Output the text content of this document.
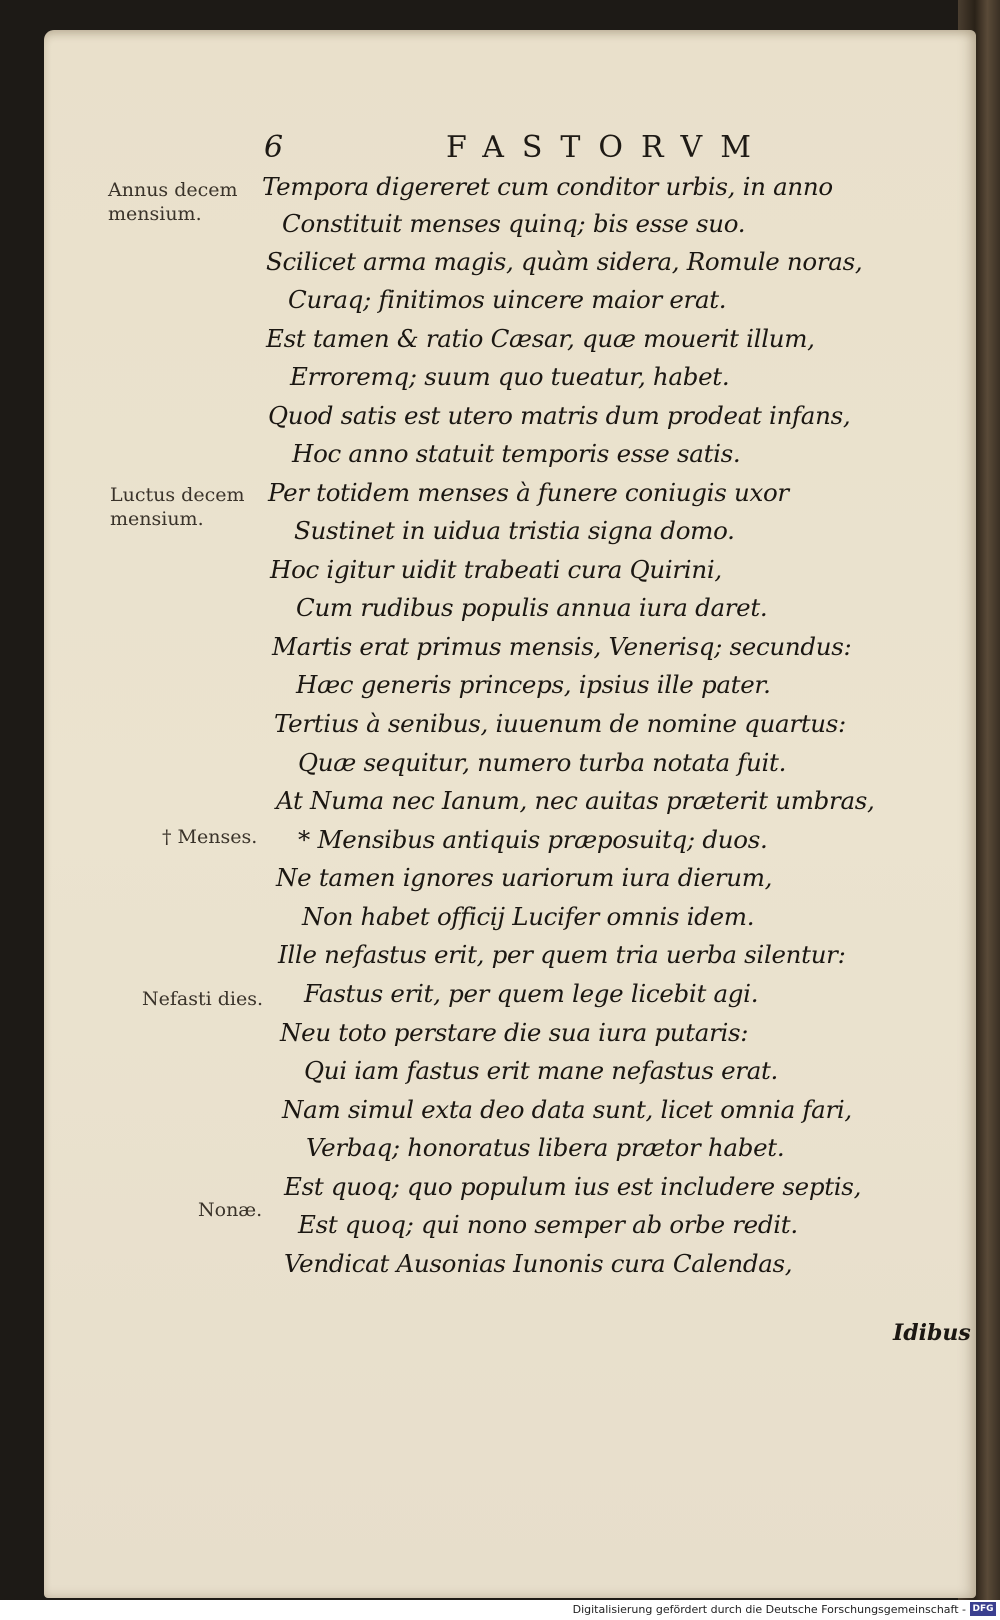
6	FASTORVM
Tempora digereret cum conditor urbis, in anno
Constituit menses quinq; bis esse suo.
Scilicet arma magis, quàm sidera, Romule noras,
Curaq; finitimos uincere maior erat.
Est tamen & ratio Cæsar, quæ mouerit illum,
Erroremq; suum quo tueatur, habet.
Quod satis est utero matris dum prodeat infans,
Hoc anno statuit temporis esse satis.
Per totidem menses à funere coniugis uxor
Sustinet in uidua tristia signa domo.
Hoc igitur uidit trabeati cura Quirini,
Cum rudibus populis annua iura daret.
Martis erat primus mensis, Venerisq; secundus:
Hæc generis princeps, ipsius ille pater.
Tertius à senibus, iuuenum de nomine quartus:
Quæ sequitur, numero turba notata fuit.
At Numa nec Ianum, nec auitas præterit umbras,
* Mensibus antiquis præposuitq; duos.
Ne tamen ignores uariorum iura dierum,
Non habet officij Lucifer omnis idem.
Ille nefastus erit, per quem tria uerba silentur:
Fastus erit, per quem lege licebit agi.
Neu toto perstare die sua iura putaris:
Qui iam fastus erit mane nefastus erat.
Nam simul exta deo data sunt, licet omnia fari,
Verbaq; honoratus libera prætor habet.
Est quoq; quo populum ius est includere septis,
Est quoq; qui nono semper ab orbe redit.
Vendicat Ausonias Iunonis cura Calendas,
Annus decem mensium.
Luctus decem mensium.
† Menses.
Nefasti dies.
Nonæ.
Idibus
Digitalisierung gefördert durch die Deutsche Forschungsgemeinschaft - DFG
